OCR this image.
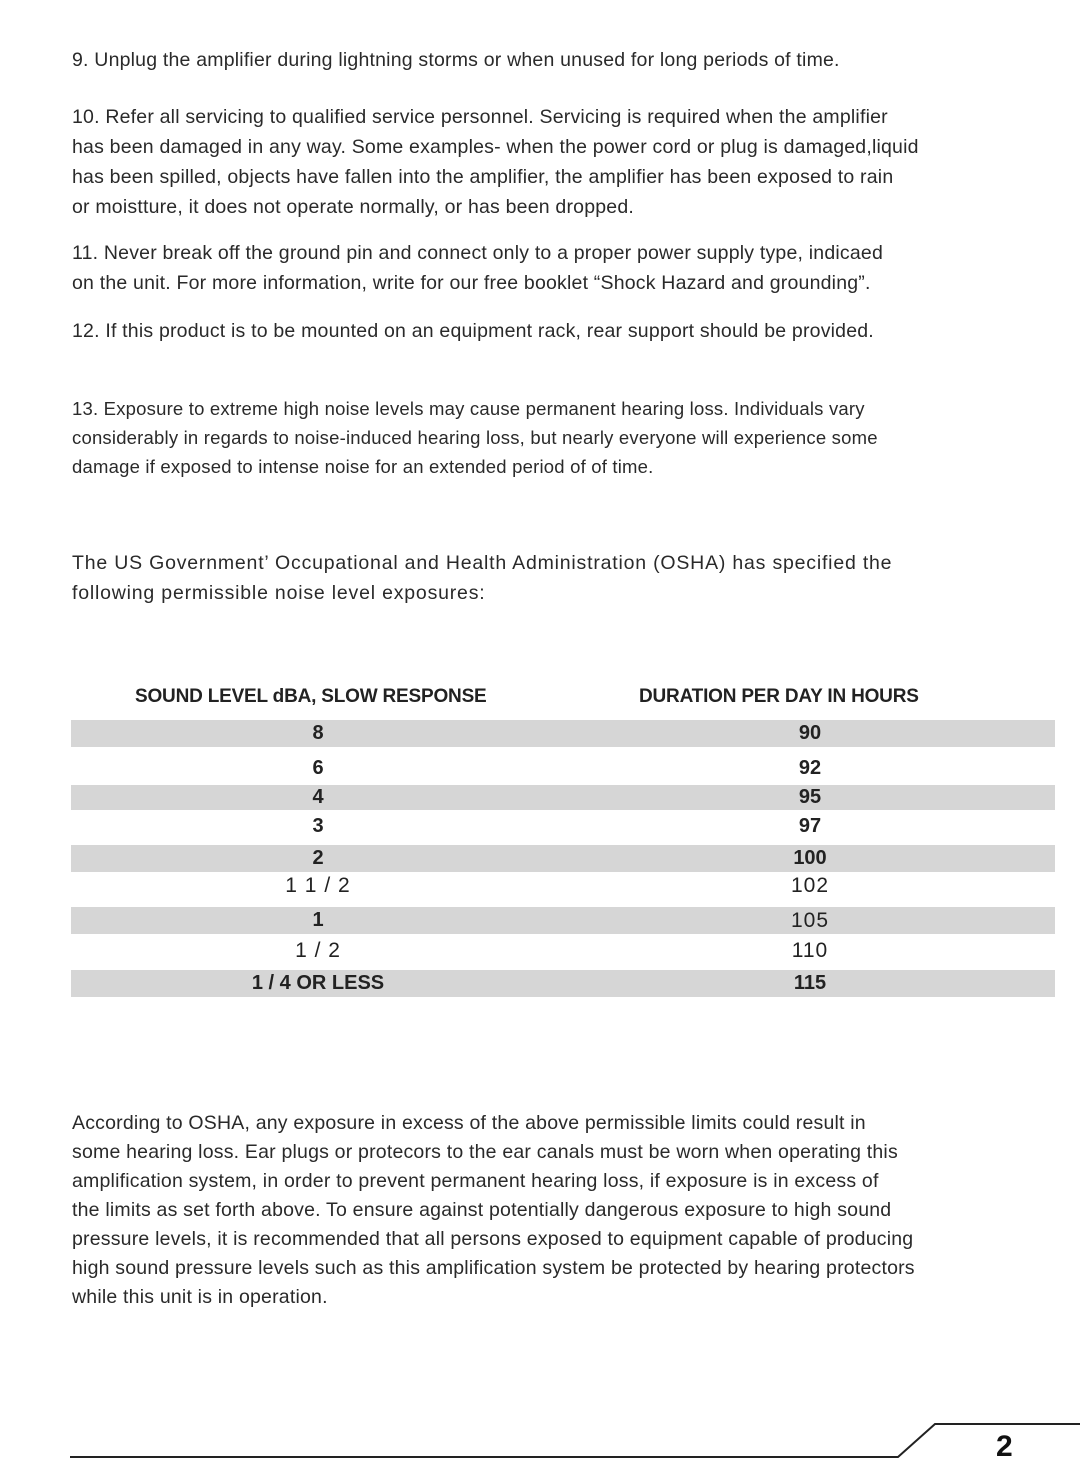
9. Unplug the amplifier during lightning storms or when unused for long periods of time.

10. Refer all servicing to qualified service personnel. Servicing is required when the amplifier
has been damaged in any way. Some examples- when the power cord or plug is damaged,liquid
has been spilled, objects have fallen into the amplifier, the amplifier has been exposed to rain
or moistture, it does not operate normally, or has been dropped.

11. Never break off the ground pin and connect only to a proper power supply type, indicaed
on the unit. For more information, write for our free booklet “Shock Hazard and grounding”.

12. If this product is to be mounted on an equipment rack, rear support should be provided.

13. Exposure to extreme high noise levels may cause permanent hearing loss. Individuals vary
considerably in regards to noise-induced hearing loss, but nearly everyone will experience some
damage if exposed to intense noise for an extended period of of time.

The US Government’ Occupational and Health Administration (OSHA) has specified the
following permissible noise level exposures:

SOUND LEVEL dBA, SLOW RESPONSE	DURATION PER DAY IN HOURS
8	90
6	92
4	95
3	97
2	100
1 1 / 2	102
1	105
1 / 2	110
1 / 4 OR LESS	115

According to OSHA, any exposure in excess of the above permissible limits could result in
some hearing loss. Ear plugs or protecors to the ear canals must be worn when operating this
amplification system, in order to prevent permanent hearing loss, if exposure is in excess of
the limits as set forth above. To ensure against potentially dangerous exposure to high sound
pressure levels, it is recommended that all persons exposed to equipment capable of producing
high sound pressure levels such as this amplification system be protected by hearing protectors
while this unit is in operation.

2
